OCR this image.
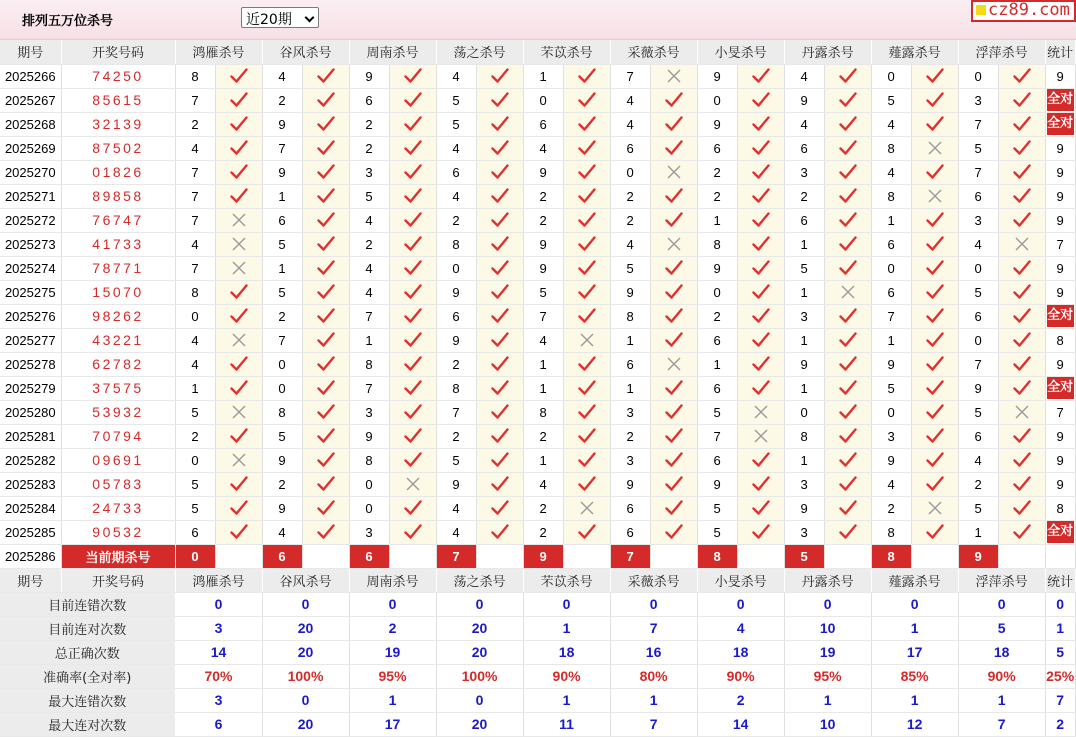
排列五万位杀号	近20期	cz89.com
期号	开奖号码	鸿雁杀号		谷风杀号		周南杀号		荡之杀号		芣苡杀号		采薇杀号		小旻杀号		丹露杀号		薤露杀号		浮萍杀号		统计
2025266	74250	8		4		9		4		1		7		9		4		0		0		9
2025267	85615	7		2		6		5		0		4		0		9		5		3		全对

2025268	32139	2		9		2		5		6		4		9		4		4		7		全对

2025269	87502	4		7		2		4		4		6		6		6		8		5		9
2025270	01826	7		9		3		6		9		0		2		3		4		7		9
2025271	89858	7		1		5		4		2		2		2		2		8		6		9
2025272	76747	7		6		4		2		2		2		1		6		1		3		9
2025273	41733	4		5		2		8		9		4		8		1		6		4		7
2025274	78771	7		1		4		0		9		5		9		5		0		0		9
2025275	15070	8		5		4		9		5		9		0		1		6		5		9
2025276	98262	0		2		7		6		7		8		2		3		7		6		全对

2025277	43221	4		7		1		9		4		1		6		1		1		0		8
2025278	62782	4		0		8		2		1		6		1		9		9		7		9
2025279	37575	1		0		7		8		1		1		6		1		5		9		全对

2025280	53932	5		8		3		7		8		3		5		0		0		5		7
2025281	70794	2		5		9		2		2		2		7		8		3		6		9
2025282	09691	0		9		8		5		1		3		6		1		9		4		9
2025283	05783	5		2		0		9		4		9		9		3		4		2		9
2025284	24733	5		9		0		4		2		6		5		9		2		5		8
2025285	90532	6		4		3		4		2		6		5		3		8		1		全对

2025286	当前期杀号	0		6		6		7		9		7		8		5		8		9		
期号	开奖号码	鸿雁杀号		谷风杀号		周南杀号		荡之杀号		芣苡杀号		采薇杀号		小旻杀号		丹露杀号		薤露杀号		浮萍杀号		统计
目前连错次数		0		0		0		0		0		0		0		0		0		0		0
目前连对次数		3		20		2		20		1		7		4		10		1		5		1
总正确次数		14		20		19		20		18		16		18		19		17		18		5
准确率(全对率)		70%		100%		95%		100%		90%		80%		90%		95%		85%		90%		25%
最大连错次数		3		0		1		0		1		1		2		1		1		1		7
最大连对次数		6		20		17		20		11		7		14		10		12		7		2
